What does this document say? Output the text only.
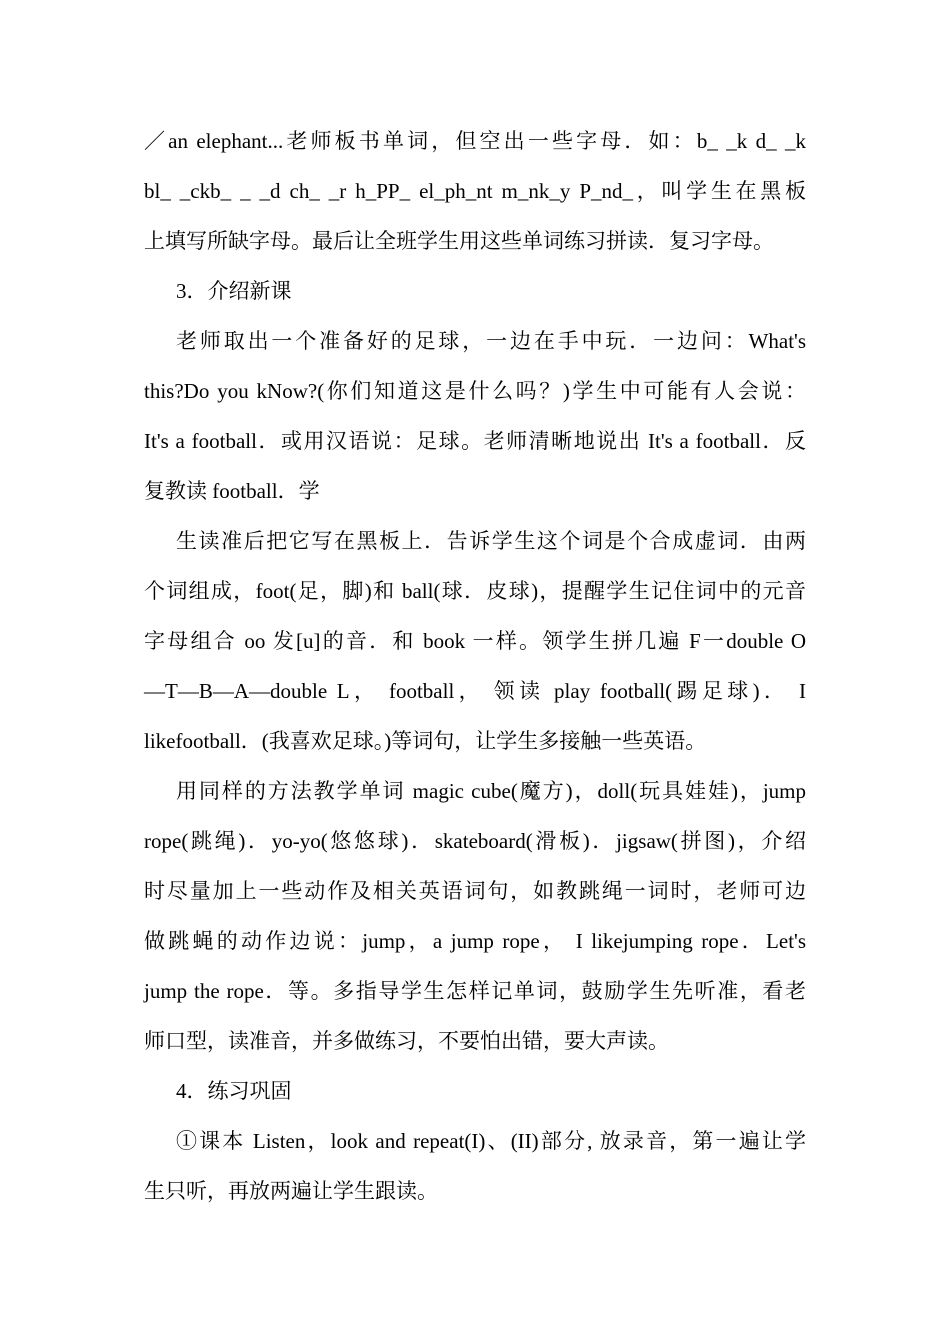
／an elephant...老师板书单词，但空出一些字母．如：b_ _k d_ _k
bl_ _ckb_ _ _d ch_ _r h_PP_ el_ph_nt m_nk_y P_nd_，叫学生在黑板
上填写所缺字母。最后让全班学生用这些单词练习拼读．复习字母。
3．介绍新课
老师取出一个准备好的足球，一边在手中玩．一边问：What's
this?Do you kNow?(你们知道这是什么吗？)学生中可能有人会说：
It's a football．或用汉语说：足球。老师清晰地说出 It's a football．反
复教读 football．学
生读准后把它写在黑板上．告诉学生这个词是个合成虚词．由两
个词组成，foot(足，脚)和 ball(球．皮球)，提醒学生记住词中的元音
字母组合 oo 发[u]的音．和 book 一样。领学生拼几遍 F一double O
—T—B—A—double L， football， 领读 play football(踢足球)． I
likefootball．(我喜欢足球。)等词句，让学生多接触一些英语。
用同样的方法教学单词 magic cube(魔方)，doll(玩具娃娃)，jump
rope(跳绳)．yo-yo(悠悠球)．skateboard(滑板)．jigsaw(拼图)，介绍
时尽量加上一些动作及相关英语词句，如教跳绳一词时，老师可边
做跳蝇的动作边说：jump，a jump rope， I likejumping rope．Let's
jump the rope．等。多指导学生怎样记单词，鼓励学生先听准，看老
师口型，读准音，并多做练习，不要怕出错，要大声读。
4．练习巩固
①课本 Listen，look and repeat(I)、(II)部分, 放录音，第一遍让学
生只听，再放两遍让学生跟读。
